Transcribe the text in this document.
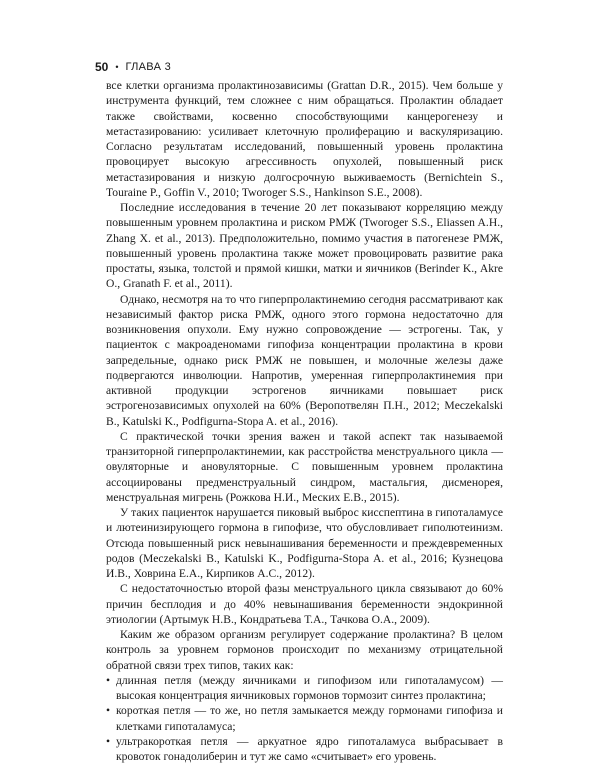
50 • ГЛАВА 3

все клетки организма пролактинозависимы (Grattan D.R., 2015). Чем больше у инструмента функций, тем сложнее с ним обращаться. Пролактин обладает также свойствами, косвенно способствующими канцерогенезу и метастазированию: усиливает клеточную пролиферацию и васкуляризацию. Согласно результатам исследований, повышенный уровень пролактина провоцирует высокую агрессивность опухолей, повышенный риск метастазирования и низкую долгосрочную выживаемость (Bernichtein S., Touraine P., Goffin V., 2010; Tworoger S.S., Hankinson S.E., 2008).

Последние исследования в течение 20 лет показывают корреляцию между повышенным уровнем пролактина и риском РМЖ (Tworoger S.S., Eliassen A.H., Zhang X. et al., 2013). Предположительно, помимо участия в патогенезе РМЖ, повышенный уровень пролактина также может провоцировать развитие рака простаты, языка, толстой и прямой кишки, матки и яичников (Berinder K., Akre O., Granath F. et al., 2011).

Однако, несмотря на то что гиперпролактинемию сегодня рассматривают как независимый фактор риска РМЖ, одного этого гормона недостаточно для возникновения опухоли. Ему нужно сопровождение — эстрогены. Так, у пациенток с макроаденомами гипофиза концентрации пролактина в крови запредельные, однако риск РМЖ не повышен, и молочные железы даже подвергаются инволюции. Напротив, умеренная гиперпролактинемия при активной продукции эстрогенов яичниками повышает риск эстрогенозависимых опухолей на 60% (Веропотвелян П.Н., 2012; Meczekalski B., Katulski K., Podfigurna-Stopa A. et al., 2016).

С практической точки зрения важен и такой аспект так называемой транзиторной гиперпролактинемии, как расстройства менструального цикла — овуляторные и ановуляторные. С повышенным уровнем пролактина ассоциированы предменструальный синдром, мастальгия, дисменорея, менструальная мигрень (Рожкова Н.И., Меских Е.В., 2015).

У таких пациенток нарушается пиковый выброс кисспептина в гипоталамусе и лютеинизирующего гормона в гипофизе, что обусловливает гиполютеинизм. Отсюда повышенный риск невынашивания беременности и преждевременных родов (Meczekalski B., Katulski K., Podfigurna-Stopa A. et al., 2016; Кузнецова И.В., Ховрина Е.А., Кирпиков А.С., 2012).

С недостаточностью второй фазы менструального цикла связывают до 60% причин бесплодия и до 40% невынашивания беременности эндокринной этиологии (Артымук Н.В., Кондратьева Т.А., Тачкова О.А., 2009).

Каким же образом организм регулирует содержание пролактина? В целом контроль за уровнем гормонов происходит по механизму отрицательной обратной связи трех типов, таких как:

• длинная петля (между яичниками и гипофизом или гипоталамусом) — высокая концентрация яичниковых гормонов тормозит синтез пролактина;
• короткая петля — то же, но петля замыкается между гормонами гипофиза и клетками гипоталамуса;
• ультракороткая петля — аркуатное ядро гипоталамуса выбрасывает в кровоток гонадолиберин и тут же само «считывает» его уровень.
